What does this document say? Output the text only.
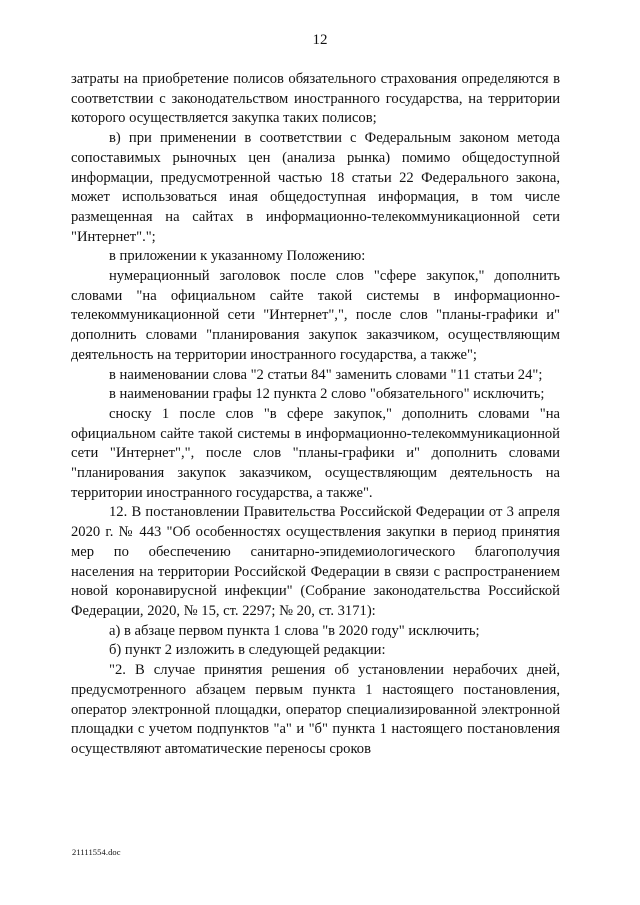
12

затраты на приобретение полисов обязательного страхования определяются в соответствии с законодательством иностранного государства, на территории которого осуществляется закупка таких полисов;

в) при применении в соответствии с Федеральным законом метода сопоставимых рыночных цен (анализа рынка) помимо общедоступной информации, предусмотренной частью 18 статьи 22 Федерального закона, может использоваться иная общедоступная информация, в том числе размещенная на сайтах в информационно-телекоммуникационной сети "Интернет".";

в приложении к указанному Положению:

нумерационный заголовок после слов "сфере закупок," дополнить словами "на официальном сайте такой системы в информационно-телекоммуникационной сети "Интернет",", после слов "планы-графики и" дополнить словами "планирования закупок заказчиком, осуществляющим деятельность на территории иностранного государства, а также";

в наименовании слова "2 статьи 84" заменить словами "11 статьи 24";

в наименовании графы 12 пункта 2 слово "обязательного" исключить;

сноску 1 после слов "в сфере закупок," дополнить словами "на официальном сайте такой системы в информационно-телекоммуникационной сети "Интернет",", после слов "планы-графики и" дополнить словами "планирования закупок заказчиком, осуществляющим деятельность на территории иностранного государства, а также".

12. В постановлении Правительства Российской Федерации от 3 апреля 2020 г. № 443 "Об особенностях осуществления закупки в период принятия мер по обеспечению санитарно-эпидемиологического благополучия населения на территории Российской Федерации в связи с распространением новой коронавирусной инфекции" (Собрание законодательства Российской Федерации, 2020, № 15, ст. 2297; № 20, ст. 3171):

а) в абзаце первом пункта 1 слова "в 2020 году" исключить;

б) пункт 2 изложить в следующей редакции:

"2. В случае принятия решения об установлении нерабочих дней, предусмотренного абзацем первым пункта 1 настоящего постановления, оператор электронной площадки, оператор специализированной электронной площадки с учетом подпунктов "а" и "б" пункта 1 настоящего постановления осуществляют автоматические переносы сроков

21111554.doc
